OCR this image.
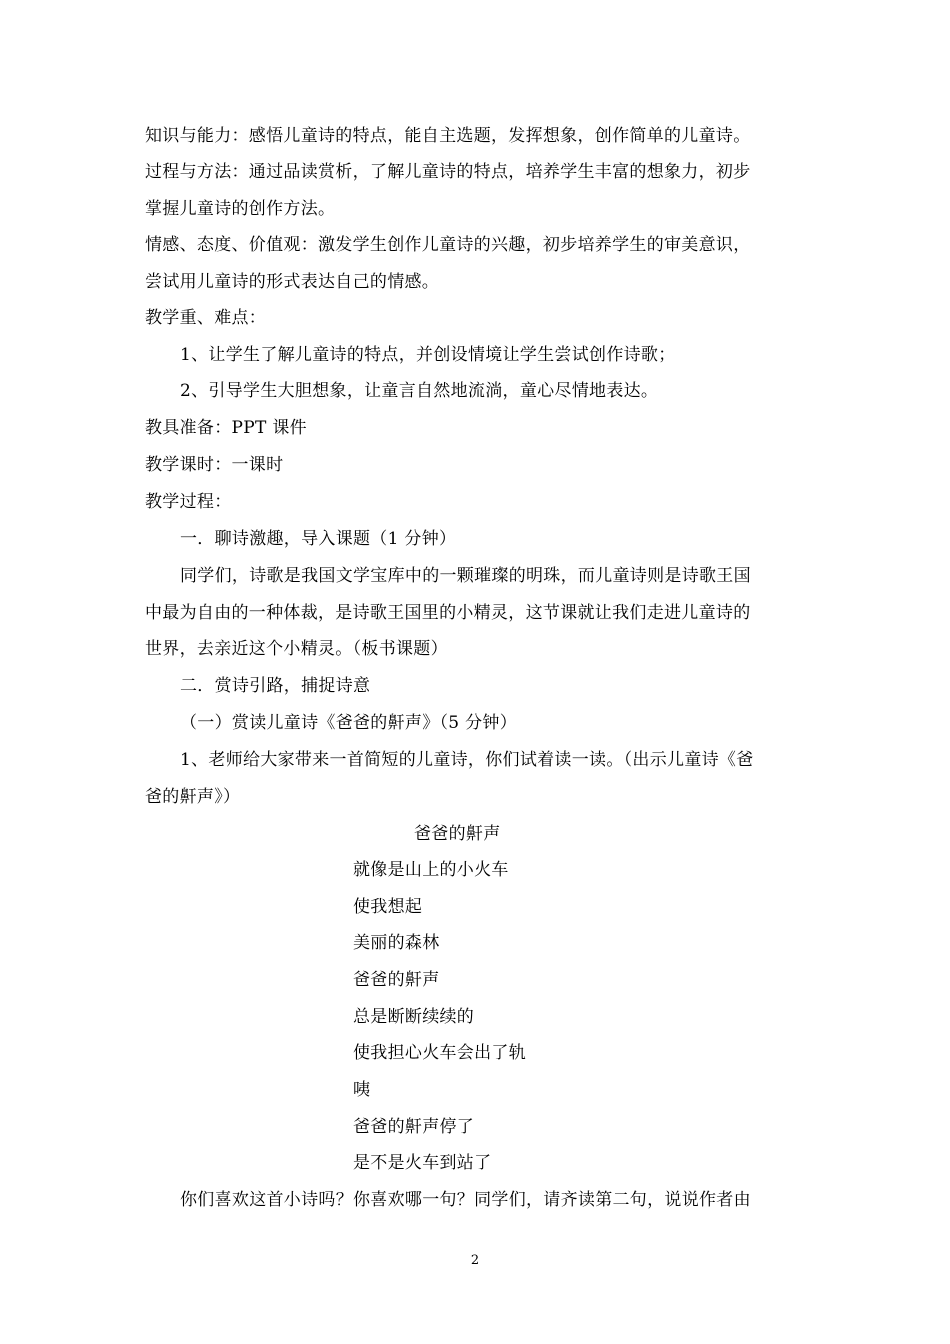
知识与能力：感悟儿童诗的特点，能自主选题，发挥想象，创作简单的儿童诗。
过程与方法：通过品读赏析，了解儿童诗的特点，培养学生丰富的想象力，初步
掌握儿童诗的创作方法。
情感、态度、价值观：激发学生创作儿童诗的兴趣，初步培养学生的审美意识，
尝试用儿童诗的形式表达自己的情感。
教学重、难点：
1、让学生了解儿童诗的特点，并创设情境让学生尝试创作诗歌；
2、引导学生大胆想象，让童言自然地流淌，童心尽情地表达。
教具准备：PPT 课件
教学课时：一课时
教学过程：
一．聊诗激趣，导入课题（1 分钟）
同学们，诗歌是我国文学宝库中的一颗璀璨的明珠，而儿童诗则是诗歌王国
中最为自由的一种体裁，是诗歌王国里的小精灵，这节课就让我们走进儿童诗的
世界，去亲近这个小精灵。（板书课题）
二．赏诗引路，捕捉诗意
（一）赏读儿童诗《爸爸的鼾声》（5 分钟）
1、老师给大家带来一首简短的儿童诗，你们试着读一读。（出示儿童诗《爸
爸的鼾声》）
爸爸的鼾声
就像是山上的小火车
使我想起
美丽的森林
爸爸的鼾声
总是断断续续的
使我担心火车会出了轨
咦
爸爸的鼾声停了
是不是火车到站了
你们喜欢这首小诗吗？你喜欢哪一句？同学们，请齐读第二句，说说作者由
2
